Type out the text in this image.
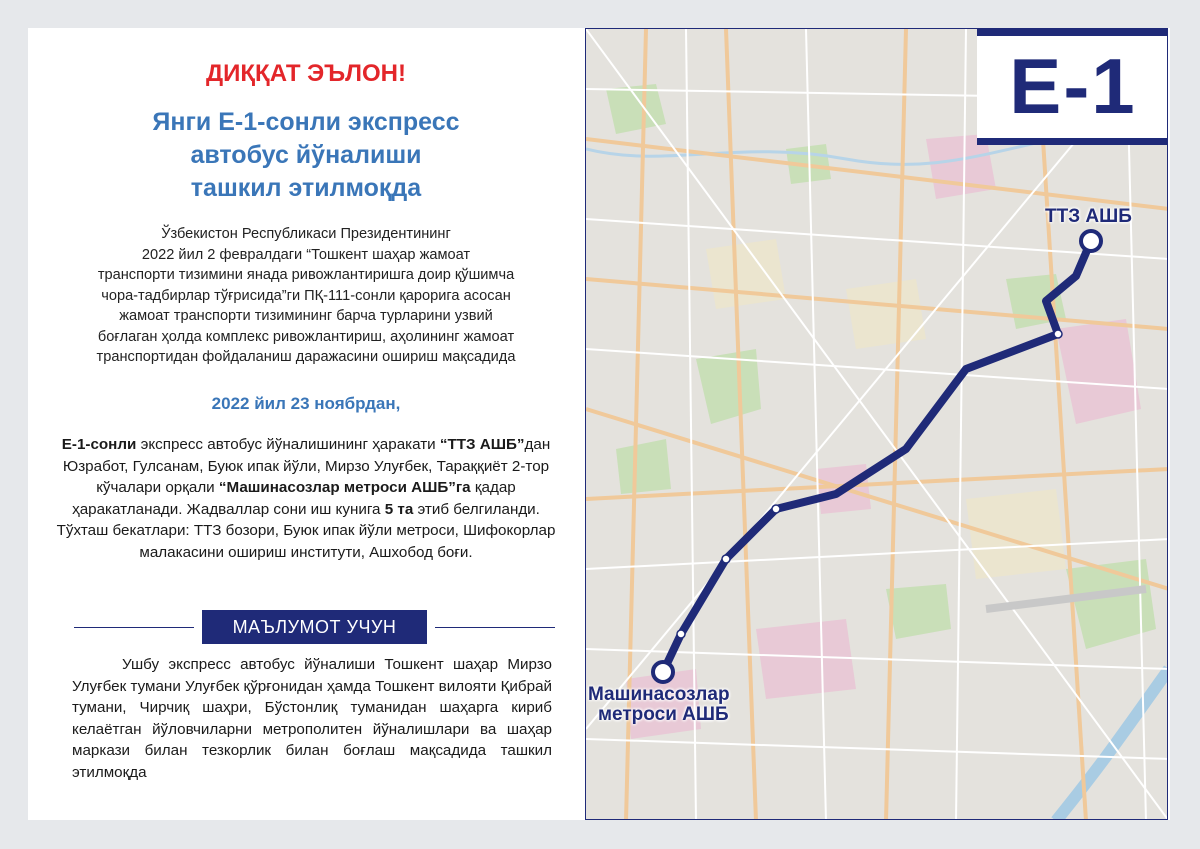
ДИҚҚАТ ЭЪЛОН!
Янги Е-1-сонли экспресс
автобус йўналиши
ташкил этилмоқда
Ўзбекистон Республикаси Президентининг
2022 йил 2 февралдаги “Тошкент шаҳар жамоат
транспорти тизимини янада ривожлантиришга доир қўшимча
чора-тадбирлар тўғрисида”ги ПҚ-111-сонли қарорига асосан
жамоат транспорти тизимининг барча турларини узвий
боғлаган ҳолда комплекс ривожлантириш, аҳолининг жамоат
транспортидан фойдаланиш даражасини ошириш мақсадида
2022 йил 23 ноябрдан,
Е-1-сонли экспресс автобус йўналишининг ҳаракати “ТТЗ АШБ”дан Юзработ, Гулсанам, Буюк ипак йўли, Мирзо Улуғбек, Тараққиёт 2-тор кўчалари орқали “Машинасозлар метроси АШБ”га қадар ҳаракатланади. Жадваллар сони иш кунига 5 та этиб белгиланди.
Тўхташ бекатлари: ТТЗ бозори, Буюк ипак йўли метроси, Шифокорлар малакасини ошириш институти, Ашхобод боғи.
МАЪЛУМОТ УЧУН
Ушбу экспресс автобус йўналиши Тошкент шаҳар Мирзо Улуғбек тумани Улуғбек қўрғонидан ҳамда Тошкент вилояти Қибрай тумани, Чирчиқ шаҳри, Бўстонлиқ туманидан шаҳарга кириб келаётган йўловчиларни метрополитен йўналишлари ва шаҳар маркази билан тезкорлик билан боғлаш мақсадида ташкил этилмоқда
Е-1
ТТЗ АШБ
Машинасозлар
метроси АШБ
